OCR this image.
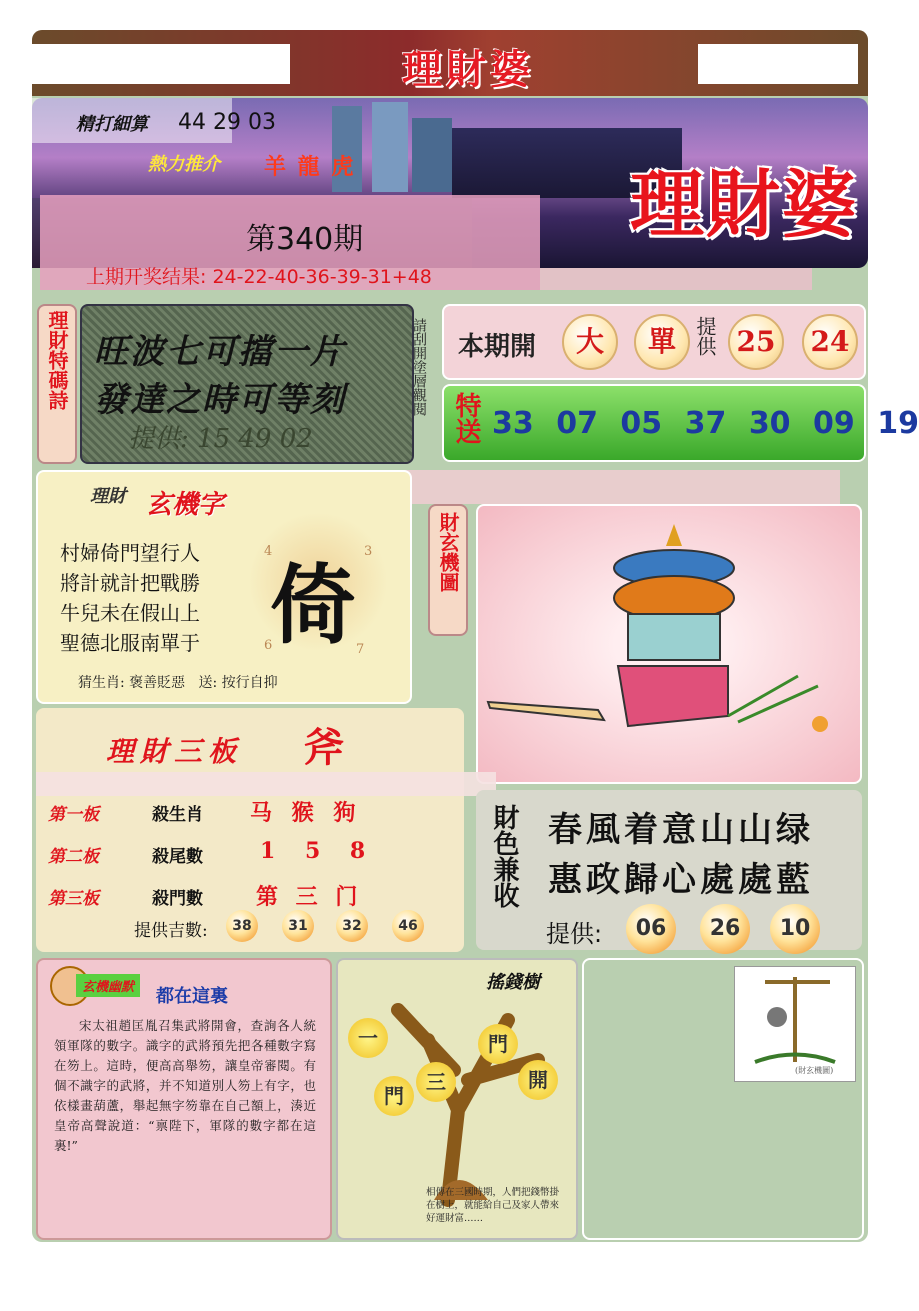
理財婆
精打細算 44 29 03
熱力推介 羊 龍 虎	理財婆
第340期
上期开奖结果: 24-22-40-36-39-31+48
理財特碼詩 旺波七可擋一片
發達之時可等刻
提供: 15 49 02
請刮開塗層觀閱 本期開	大	單 提供 25	24
特送 33 07 05 37 30 09 19
理財 玄機字
村婦倚門望行人
將計就計把戰勝
牛兒未在假山上
聖德北服南單于 倚
4	3
6	7
猜生肖: 褒善貶惡   送: 按行自抑
財玄機圖
理財三板 斧
第一板	殺生肖 马 猴 狗
第二板	殺尾數	1 5 8
第三板	殺門數 第 三 门
提供吉數:	38	31	32	46
財色兼收 春風着意山山绿
惠政歸心處處藍
提供:	06	26	10
玄機幽默	都在這裏
宋太祖趙匡胤召集武將開會，查詢各人統領軍隊的數字。識字的武將預先把各種數字寫在笏上。這時，便高高舉笏，讓皇帝審閱。有個不識字的武將，并不知道別人笏上有字，也依樣畫葫蘆，舉起無字笏靠在自己額上，湊近皇帝高聲說道：“禀陛下，軍隊的數字都在這裏!”
搖錢樹
一	門
三
門
開
相傳在三國時期，人們把錢幣掛在樹上，就能給自己及家人帶來好運財富……
(財玄機圖)
